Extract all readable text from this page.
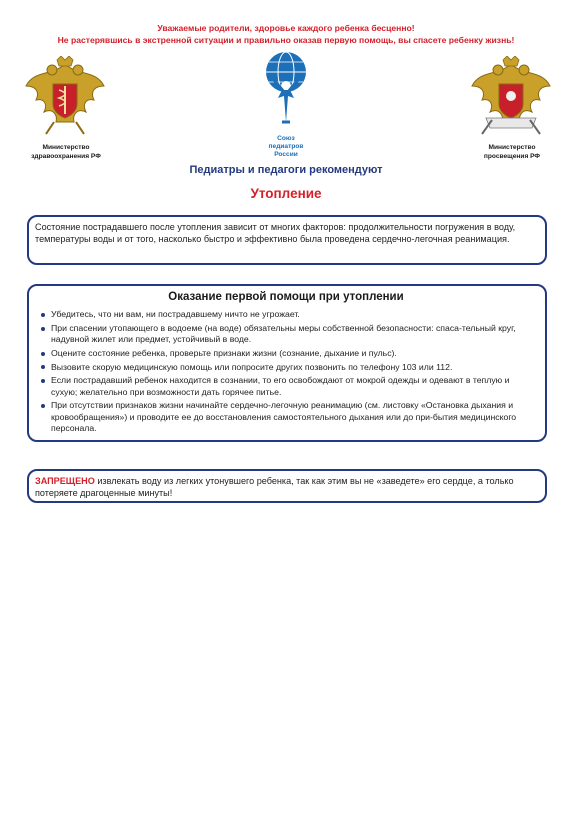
Уважаемые родители, здоровье каждого ребенка бесценно!
Не растерявшись в экстренной ситуации и правильно оказав первую помощь, вы спасете ребенку жизнь!
Министерство
здравоохранения РФ
Союз
педиатров
России
Министерство
просвещения РФ
Педиатры и педагоги рекомендуют
Утопление
Состояние пострадавшего после утопления зависит от многих факторов: продолжительности погружения в воду, температуры воды и от того, насколько быстро и эффективно была проведена сердечно-легочная реанимация.
Оказание первой помощи при утоплении
Убедитесь, что ни вам, ни пострадавшему ничто не угрожает.
При спасении утопающего в водоеме (на воде) обязательны меры собственной безопасности: спаса-тельный круг, надувной жилет или предмет, устойчивый в воде.
Оцените состояние ребенка, проверьте признаки жизни (сознание, дыхание и пульс).
Вызовите скорую медицинскую помощь или попросите других позвонить по телефону 103 или 112.
Если пострадавший ребенок находится в сознании, то его освобождают от мокрой одежды и одевают в теплую и сухую; желательно при возможности дать горячее питье.
При отсутствии признаков жизни начинайте сердечно-легочную реанимацию (см. листовку «Остановка дыхания и кровообращения») и проводите ее до восстановления самостоятельного дыхания или до при-бытия медицинского персонала.
ЗАПРЕЩЕНО извлекать воду из легких утонувшего ребенка, так как этим вы не «заведете» его сердце, а только потеряете драгоценные минуты!
